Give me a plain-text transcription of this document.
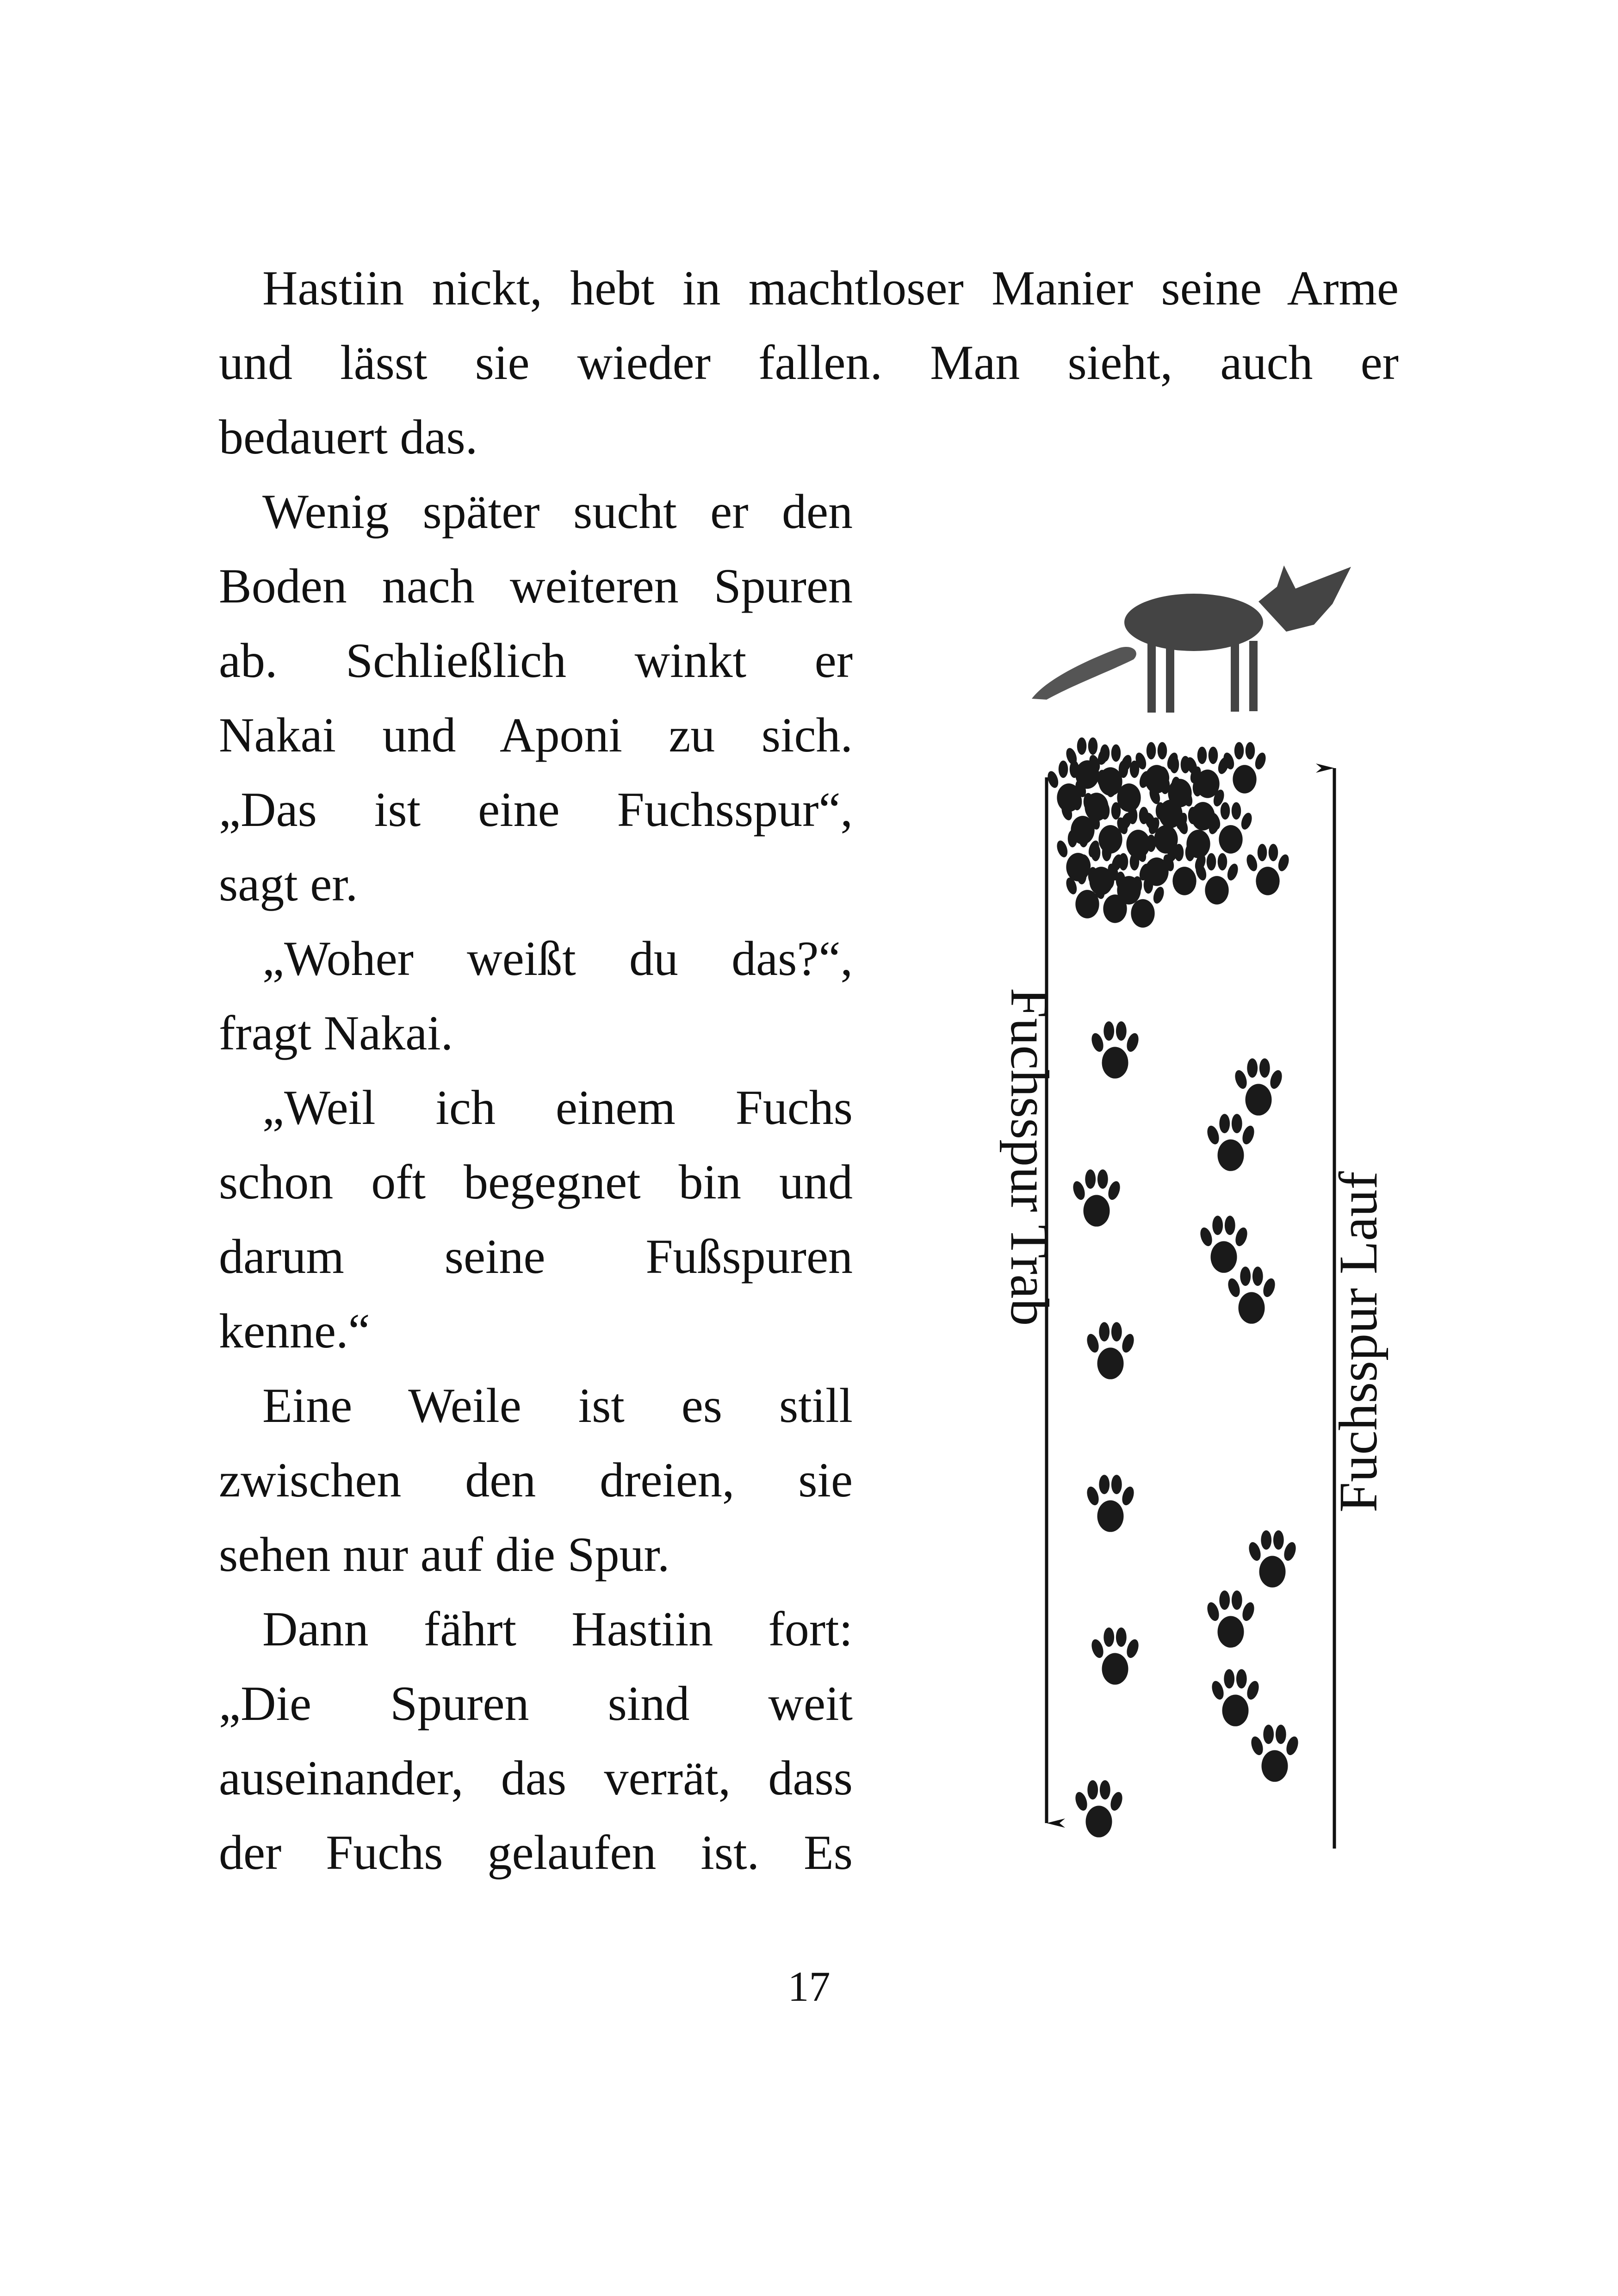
Hastiin nickt, hebt in machtloser Manier seine Arme
und lässt sie wieder fallen. Man sieht, auch er
bedauert das.
Wenig später sucht er den
Boden nach weiteren Spuren
ab. Schließlich winkt er
Nakai und Aponi zu sich.
„Das ist eine Fuchsspur“,
sagt er.
„Woher weißt du das?“,
fragt Nakai.
„Weil ich einem Fuchs
schon oft begegnet bin und
darum seine Fußspuren
kenne.“
Eine Weile ist es still
zwischen den dreien, sie
sehen nur auf die Spur.
Dann fährt Hastiin fort:
„Die Spuren sind weit
auseinander, das verrät, dass
der Fuchs gelaufen ist. Es
Fuchsspur Trab
Fuchsspur Lauf
17
